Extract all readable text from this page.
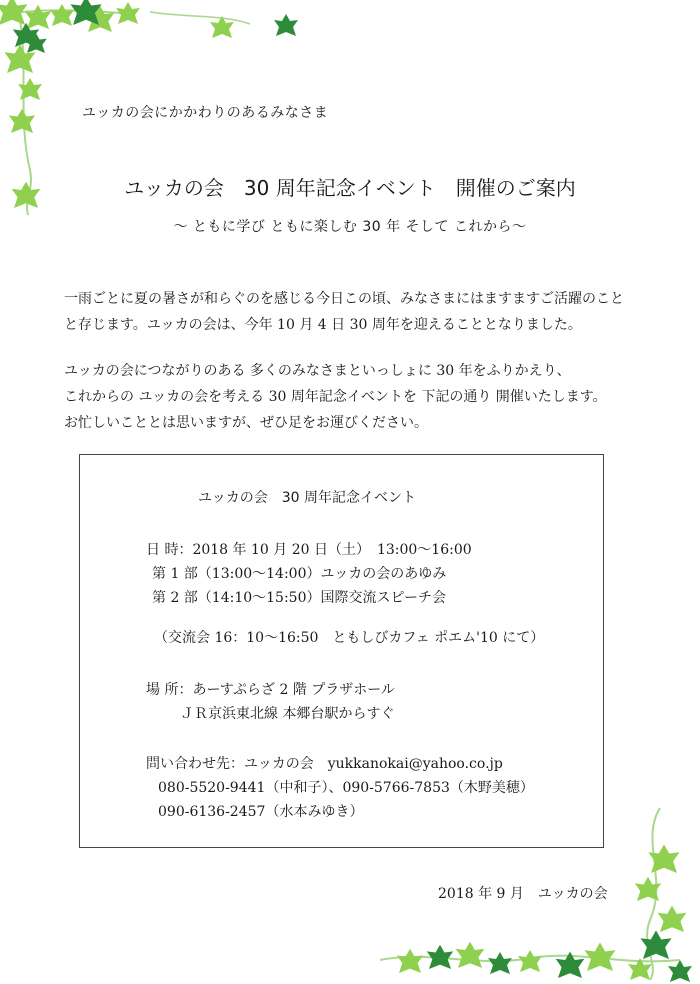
ユッカの会にかかわりのあるみなさま
ユッカの会　30 周年記念イベント　開催のご案内
～ ともに学び ともに楽しむ 30 年 そして これから～

一雨ごとに夏の暑さが和らぐのを感じる今日この頃、みなさまにはますますご活躍のこと

と存じます。ユッカの会は、今年 10 月 4 日 30 周年を迎えることとなりました。

ユッカの会につながりのある 多くのみなさまといっしょに 30 年をふりかえり、

これからの ユッカの会を考える 30 周年記念イベントを 下記の通り 開催いたします。

お忙しいこととは思いますが、ぜひ足をお運びください。

ユッカの会　30 周年記念イベント
日 時：2018 年 10 月 20 日（土）　13:00～16:00
第 1 部（13:00～14:00）ユッカの会のあゆみ
第 2 部（14:10～15:50）国際交流スピーチ会
（交流会 16：10～16:50　ともしびカフェ ポエム'10 にて）
場 所：あーすぷらざ 2 階 プラザホール
ＪＲ京浜東北線 本郷台駅からすぐ
問い合わせ先：ユッカの会　yukkanokai@yahoo.co.jp
080-5520-9441（中和子）、090-5766-7853（木野美穂）
090-6136-2457（水本みゆき）
2018 年 9 月　ユッカの会
